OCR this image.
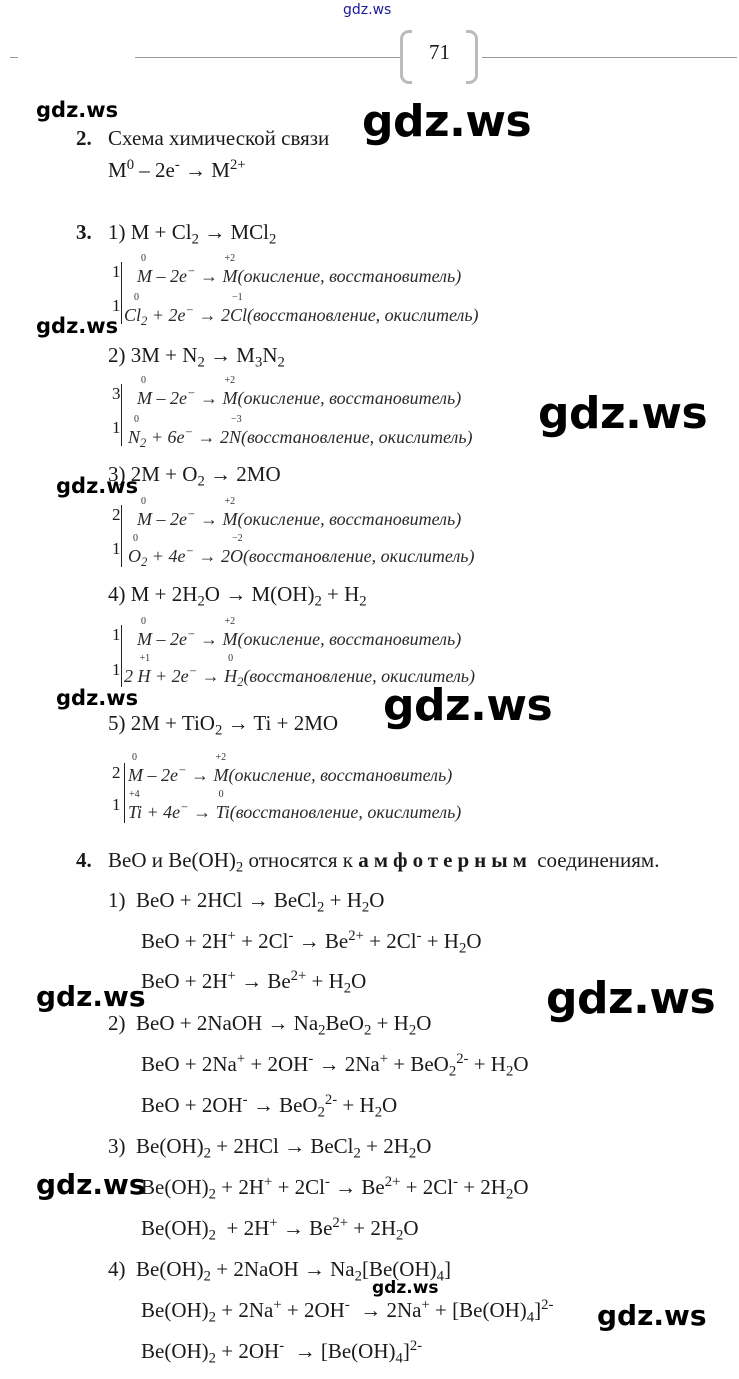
gdz.ws
71
2. Схема химической связи
$M^0 - 2e^- \to M^{2+}$
3. 1) $M + Cl_2 \to MCl_2$
1
1
M
0
– 2e− → M
+2
(окисление, восстановитель)
Cl
0
$_2$ + 2e− → 2Cl
−1
(восстановление, окислитель)
2) $3M + N_2 \to M_3N_2$
3
1
M
0
– 2e− → M
+2
(окисление, восстановитель)
N
0
$_2$ + 6e− → 2N
−3
(восстановление, окислитель)
3) $2M + O_2 \to 2MO$
2
1
M
0
– 2e− → M
+2
(окисление, восстановитель)
O
0
$_2$ + 4e− → 2O
−2
(восстановление, окислитель)
4) $M + 2H_2O \to M(OH)_2 + H_2$
1
1
M
0
– 2e− → M
+2
(окисление, восстановитель)
2 H
+1
+ 2e− → H
0
$_2$(восстановление, окислитель)
5) 2M + TiO$_2$ → Ti + 2MO
2
1
M
0
– 2e− → M
+2
(окисление, восстановитель)
Ti
+4
+ 4e− → Ti
0
(восстановление, окислитель)
4. BeO и $Be(OH)_2$ относятся к амфотерным соединениям.
1)  BeO + 2HCl → BeCl$_2$ + $H_2O$
BeO + $2H^+ + 2Cl^- \to Be^{2+} + 2Cl^- + H_2O$
BeO + $2H^+ \to Be^{2+} + H_2O$
2)  BeO + 2NaOH → $Na_2BeO_2 + H_2O$
BeO + $2Na^+ + 2OH^- \to 2Na^+ + BeO_2^{2-} + H_2O$
BeO + $2OH^- \to BeO_2^{2-} + H_2O$
3)  $Be(OH)_2 + 2HCl$ → BeCl$_2$ + $2H_2O$
$Be(OH)_2 + 2H^+ + 2Cl^- \to Be^{2+} + 2Cl^- + 2H_2O$
$Be(OH)_2 + 2H^+ \to Be^{2+} + 2H_2O$
4)  $Be(OH)_2$ + 2NaOH → $Na_2[Be(OH)_4]$
$Be(OH)_2 + 2Na^+ + 2OH^- \to 2Na^+ + [Be(OH)_4]^{2-}$
$Be(OH)_2 + 2OH^- \to [Be(OH)_4]^{2-}$
gdz.ws	gdz.ws
gdz.ws
gdz.ws
gdz.ws
gdz.ws	gdz.ws
gdz.ws	gdz.ws
gdz.ws
gdz.ws
gdz.ws
